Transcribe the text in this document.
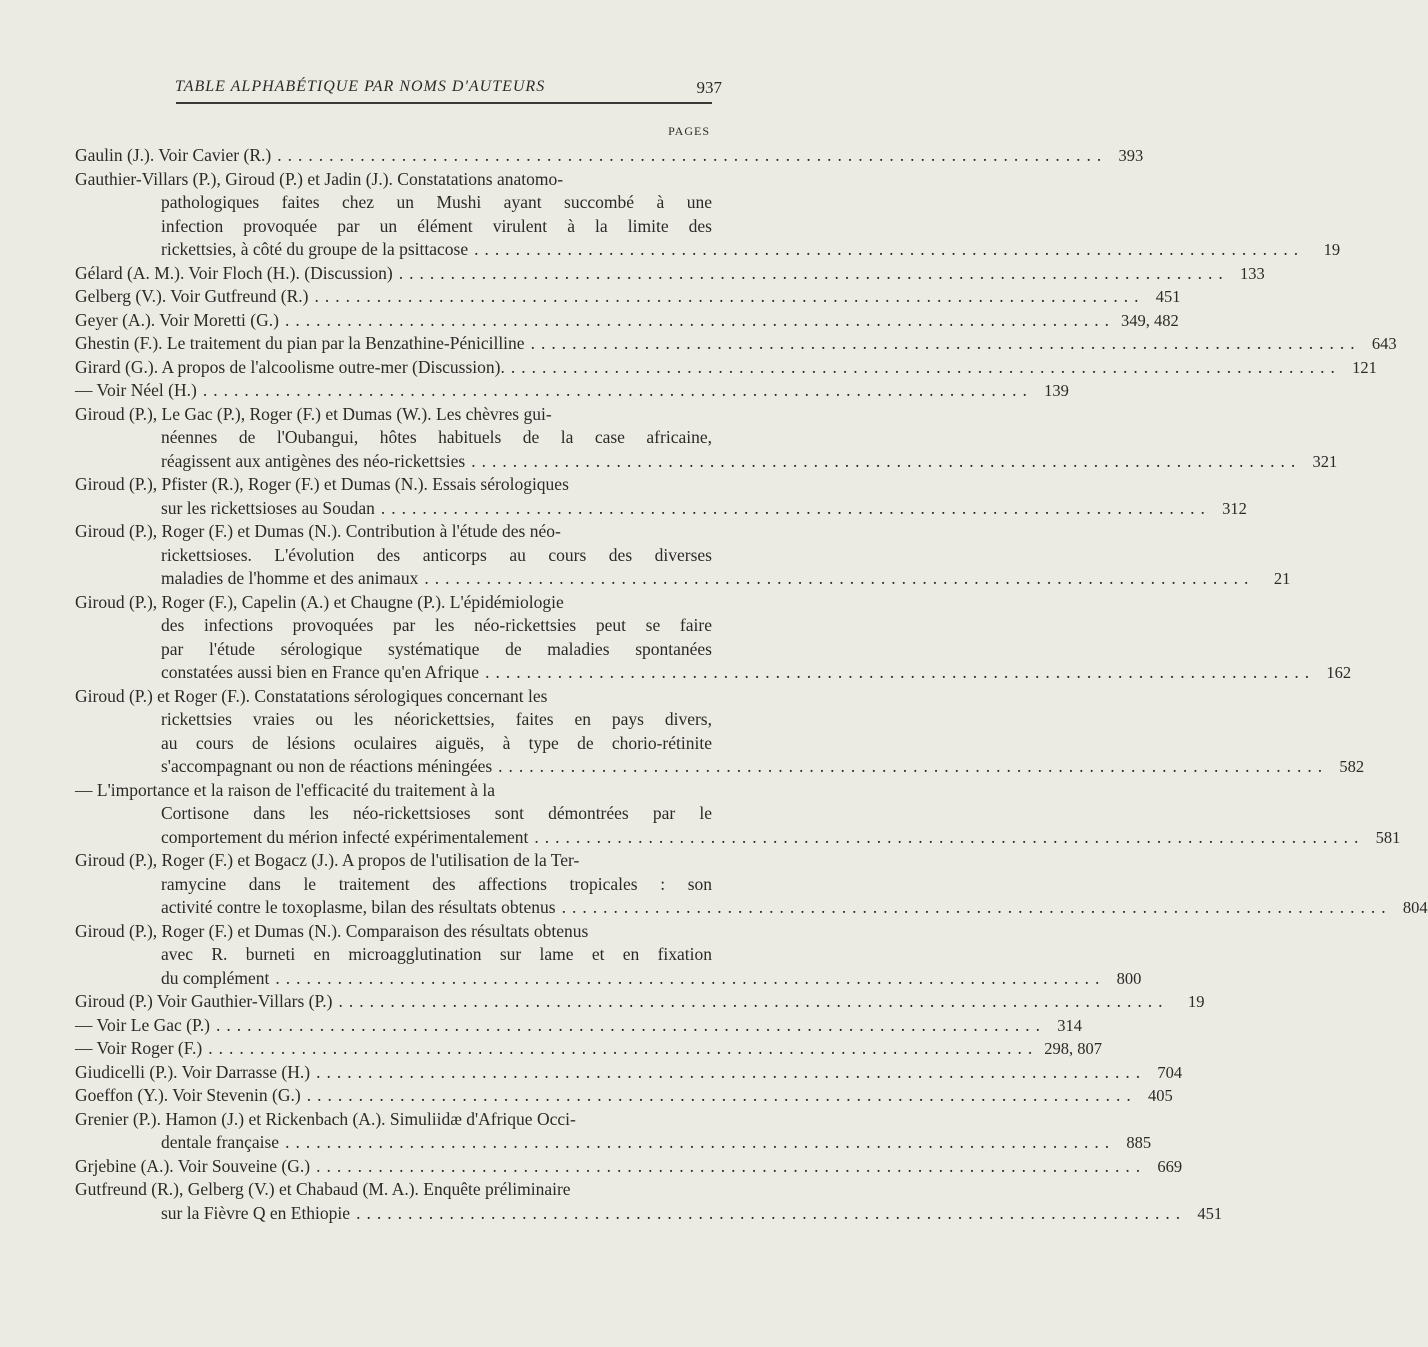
TABLE ALPHABÉTIQUE PAR NOMS D'AUTEURS	937
PAGES
Gaulin (J.). Voir Cavier (R.) ................................................................................ 393
Gauthier-Villars (P.), Giroud (P.) et Jadin (J.). Constatations anatomo-
pathologiques faites chez un Mushi ayant succombé à une
infection provoquée par un élément virulent à la limite des
rickettsies, à côté du groupe de la psittacose ................................................................................	19
Gélard (A. M.). Voir Floch (H.). (Discussion) ................................................................................ 133
Gelberg (V.). Voir Gutfreund (R.) ................................................................................ 451
Geyer (A.). Voir Moretti (G.) ................................................................................ 349, 482
Ghestin (F.). Le traitement du pian par la Benzathine-Pénicilline ................................................................................ 643
Girard (G.). A propos de l'alcoolisme outre-mer (Discussion). ................................................................................ 121
— Voir Néel (H.) ................................................................................ 139
Giroud (P.), Le Gac (P.), Roger (F.) et Dumas (W.). Les chèvres gui-
néennes de l'Oubangui, hôtes habituels de la case africaine,
réagissent aux antigènes des néo-rickettsies ................................................................................ 321
Giroud (P.), Pfister (R.), Roger (F.) et Dumas (N.). Essais sérologiques
sur les rickettsioses au Soudan ................................................................................ 312
Giroud (P.), Roger (F.) et Dumas (N.). Contribution à l'étude des néo-
rickettsioses. L'évolution des anticorps au cours des diverses
maladies de l'homme et des animaux ................................................................................	21
Giroud (P.), Roger (F.), Capelin (A.) et Chaugne (P.). L'épidémiologie
des infections provoquées par les néo-rickettsies peut se faire
par l'étude sérologique systématique de maladies spontanées
constatées aussi bien en France qu'en Afrique ................................................................................ 162
Giroud (P.) et Roger (F.). Constatations sérologiques concernant les
rickettsies vraies ou les néorickettsies, faites en pays divers,
au cours de lésions oculaires aiguës, à type de chorio-rétinite
s'accompagnant ou non de réactions méningées ................................................................................ 582
— L'importance et la raison de l'efficacité du traitement à la
Cortisone dans les néo-rickettsioses sont démontrées par le
comportement du mérion infecté expérimentalement ................................................................................ 581
Giroud (P.), Roger (F.) et Bogacz (J.). A propos de l'utilisation de la Ter-
ramycine dans le traitement des affections tropicales : son
activité contre le toxoplasme, bilan des résultats obtenus ................................................................................ 804
Giroud (P.), Roger (F.) et Dumas (N.). Comparaison des résultats obtenus
avec R. burneti en microagglutination sur lame et en fixation
du complément ................................................................................ 800
Giroud (P.) Voir Gauthier-Villars (P.) ................................................................................	19
— Voir Le Gac (P.) ................................................................................ 314
— Voir Roger (F.) ................................................................................ 298, 807
Giudicelli (P.). Voir Darrasse (H.) ................................................................................ 704
Goeffon (Y.). Voir Stevenin (G.) ................................................................................ 405
Grenier (P.). Hamon (J.) et Rickenbach (A.). Simuliidæ d'Afrique Occi-
dentale française ................................................................................ 885
Grjebine (A.). Voir Souveine (G.) ................................................................................ 669
Gutfreund (R.), Gelberg (V.) et Chabaud (M. A.). Enquête préliminaire
sur la Fièvre Q en Ethiopie ................................................................................ 451
